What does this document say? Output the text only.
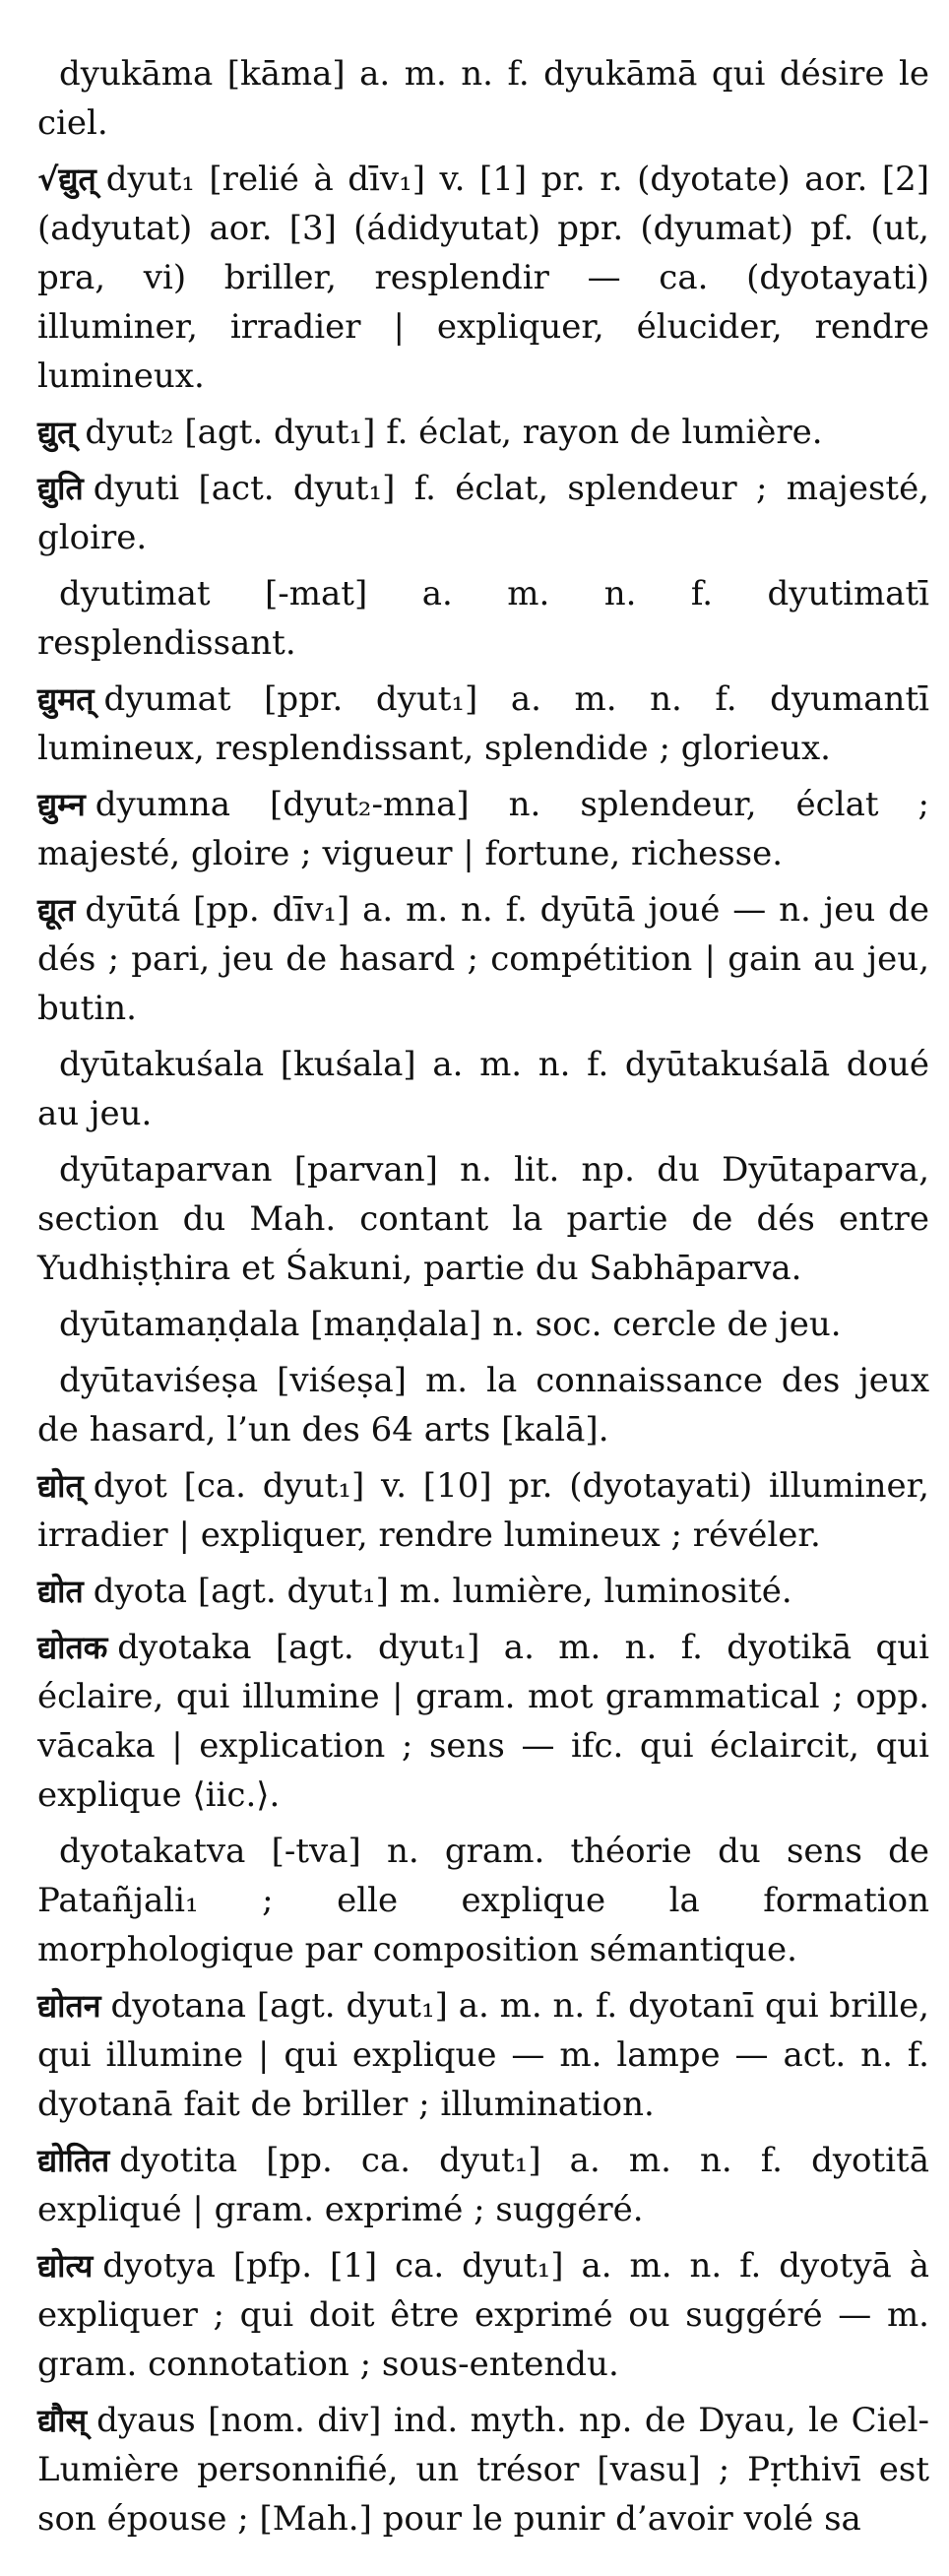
dyukāma [kāma] a. m. n. f. dyukāmā qui désire le ciel.

√द्युत् dyut₁ [relié à dīv₁] v. [1] pr. r. (dyotate) aor. [2] (adyutat) aor. [3] (ádidyutat) ppr. (dyumat) pf. (ut, pra, vi) briller, resplendir — ca. (dyotayati) illuminer, irradier | expliquer, élucider, rendre lumineux.

द्युत् dyut₂ [agt. dyut₁] f. éclat, rayon de lumière.

द्युति dyuti [act. dyut₁] f. éclat, splendeur ; majesté, gloire.

dyutimat [-mat] a. m. n. f. dyutimatī resplendissant.

द्युमत् dyumat [ppr. dyut₁] a. m. n. f. dyumantī lumineux, resplendissant, splendide ; glorieux.

द्युम्न dyumna [dyut₂-mna] n. splendeur, éclat ; majesté, gloire ; vigueur | fortune, richesse.

द्यूत dyūtá [pp. dīv₁] a. m. n. f. dyūtā joué — n. jeu de dés ; pari, jeu de hasard ; compétition | gain au jeu, butin.

dyūtakuśala [kuśala] a. m. n. f. dyūtakuśalā doué au jeu.

dyūtaparvan [parvan] n. lit. np. du Dyūtaparva, section du Mah. contant la partie de dés entre Yudhiṣṭhira et Śakuni, partie du Sabhāparva.

dyūtamaṇḍala [maṇḍala] n. soc. cercle de jeu.

dyūtaviśeṣa [viśeṣa] m. la connaissance des jeux de hasard, l’un des 64 arts [kalā].

द्योत् dyot [ca. dyut₁] v. [10] pr. (dyotayati) illuminer, irradier | expliquer, rendre lumineux ; révéler.

द्योत dyota [agt. dyut₁] m. lumière, luminosité.

द्योतक dyotaka [agt. dyut₁] a. m. n. f. dyotikā qui éclaire, qui illumine | gram. mot grammatical ; opp. vācaka | explication ; sens — ifc. qui éclaircit, qui explique ⟨iic.⟩.

dyotakatva [-tva] n. gram. théorie du sens de Patañjali₁ ; elle explique la formation morphologique par composition sémantique.

द्योतन dyotana [agt. dyut₁] a. m. n. f. dyotanī qui brille, qui illumine | qui explique — m. lampe — act. n. f. dyotanā fait de briller ; illumination.

द्योतित dyotita [pp. ca. dyut₁] a. m. n. f. dyotitā expliqué | gram. exprimé ; suggéré.

द्योत्य dyotya [pfp. [1] ca. dyut₁] a. m. n. f. dyotyā à expliquer ; qui doit être exprimé ou suggéré — m. gram. connotation ; sous-entendu.

द्यौस् dyaus [nom. div] ind. myth. np. de Dyau, le Ciel-Lumière personnifié, un trésor [vasu] ; Pṛthivī est son épouse ; [Mah.] pour le punir d’avoir volé sa
